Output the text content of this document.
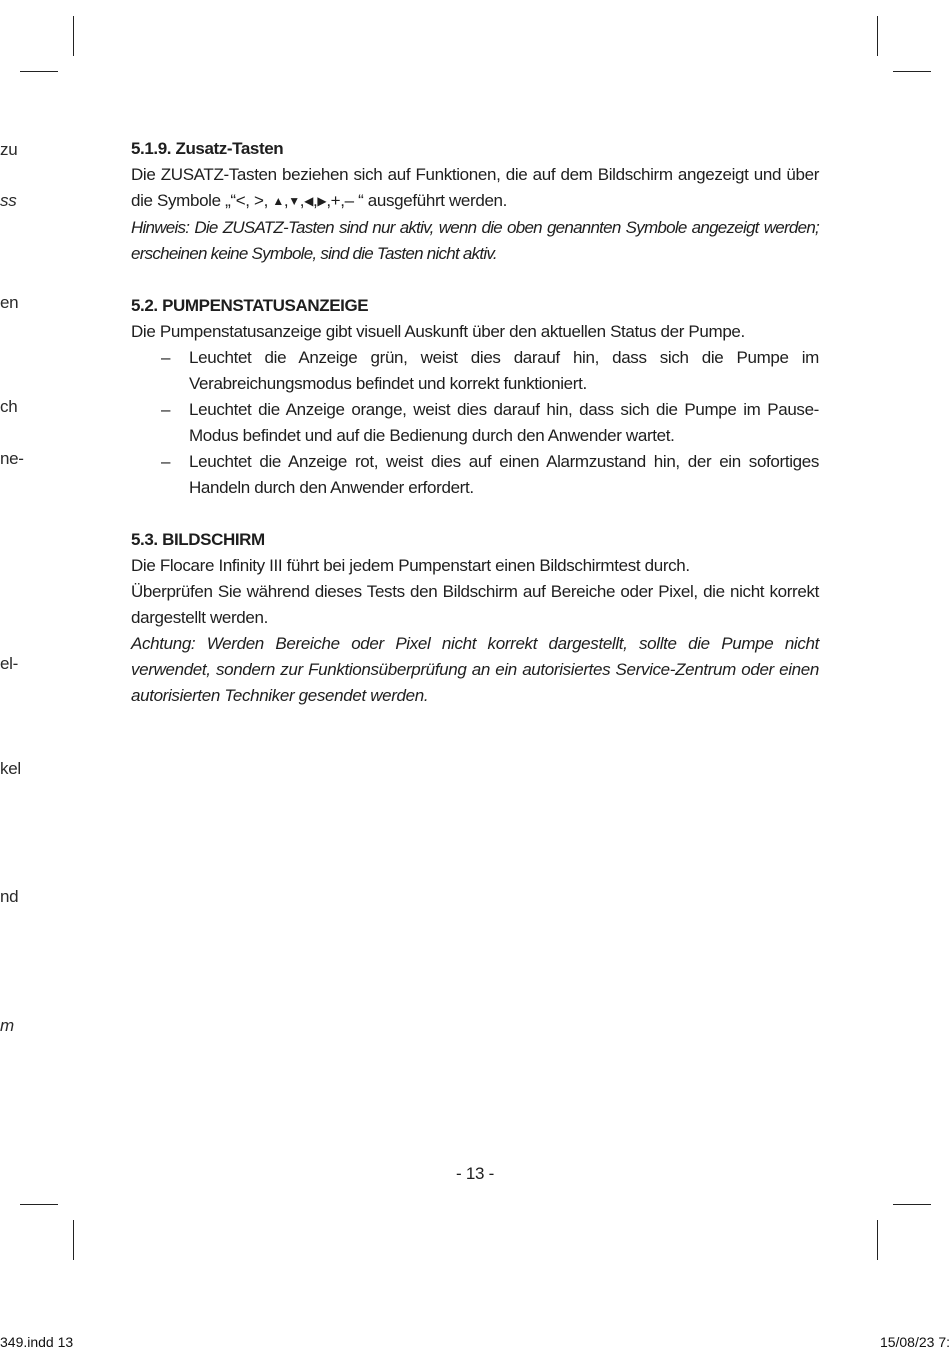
zu
ss
en
ch
ne-
el-
kel
nd
m
5.1.9. Zusatz-Tasten

Die ZUSATZ-Tasten beziehen sich auf Funktionen, die auf dem Bildschirm angezeigt und über die Symbole „“<, >, ▲,▼,◀,▶,+,– “ ausgeführt werden.

Hinweis: Die ZUSATZ-Tasten sind nur aktiv, wenn die oben genannten Symbole angezeigt werden; erscheinen keine Symbole, sind die Tasten nicht aktiv.

5.2. PUMPENSTATUSANZEIGE

Die Pumpenstatusanzeige gibt visuell Auskunft über den aktuellen Status der Pumpe.

– Leuchtet die Anzeige grün, weist dies darauf hin, dass sich die Pumpe im Verabreichungsmodus befindet und korrekt funktioniert.
– Leuchtet die Anzeige orange, weist dies darauf hin, dass sich die Pumpe im Pause-Modus befindet und auf die Bedienung durch den Anwender wartet.
– Leuchtet die Anzeige rot, weist dies auf einen Alarmzustand hin, der ein sofortiges Handeln durch den Anwender erfordert.
5.3. BILDSCHIRM

Die Flocare Infinity III führt bei jedem Pumpenstart einen Bildschirmtest durch.

Überprüfen Sie während dieses Tests den Bildschirm auf Bereiche oder Pixel, die nicht korrekt dargestellt werden.

Achtung: Werden Bereiche oder Pixel nicht korrekt dargestellt, sollte die Pumpe nicht verwendet, sondern zur Funktionsüberprüfung an ein autorisiertes Service-Zentrum oder einen autorisierten Techniker gesendet werden.

- 13 -
349.indd 13	15/08/23 7:
